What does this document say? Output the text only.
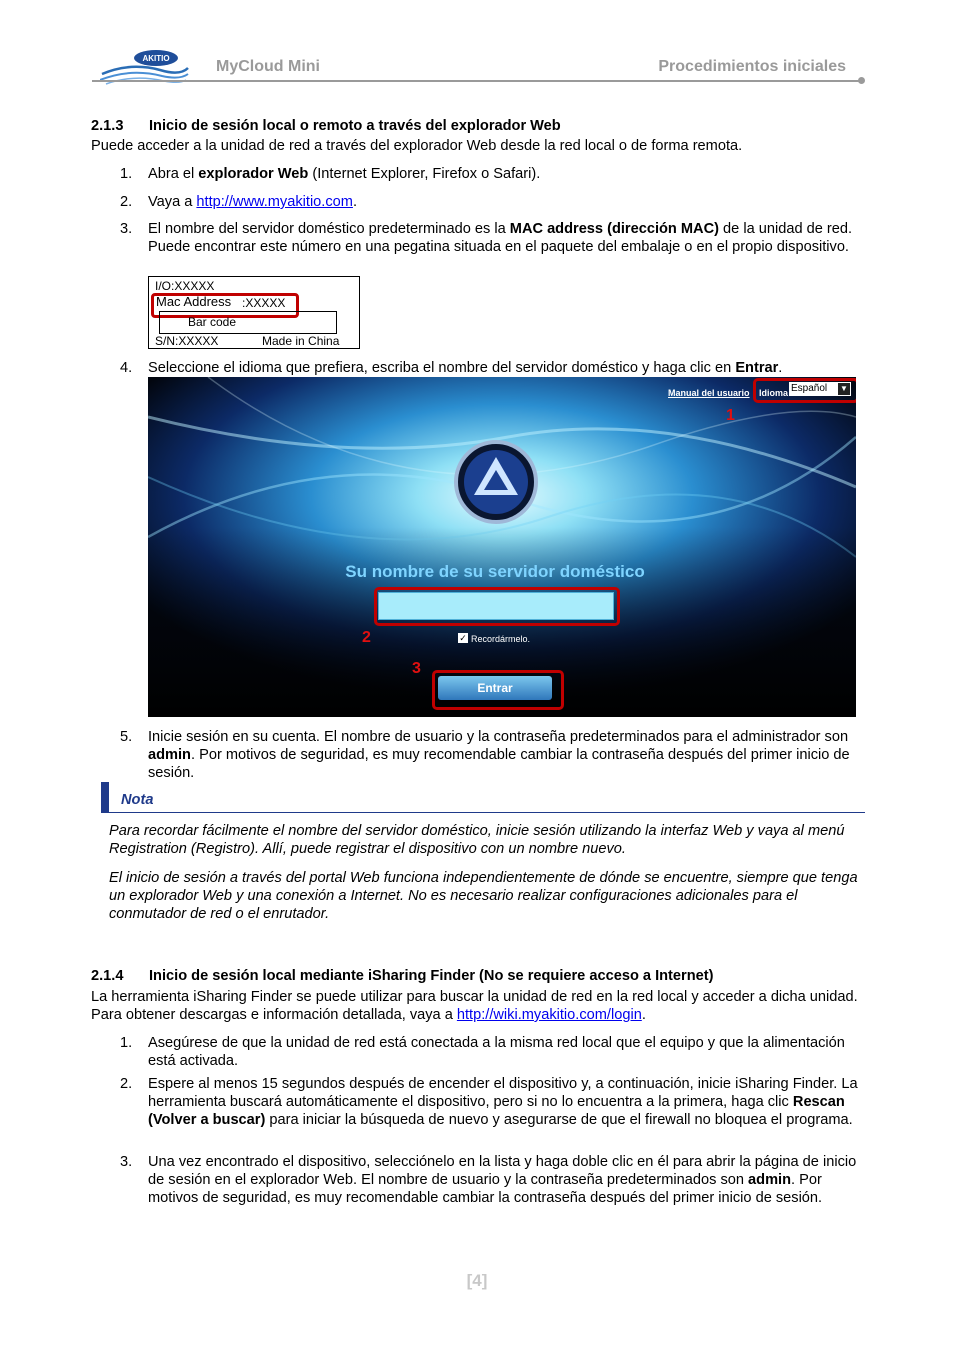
AKITIO	MyCloud Mini	Procedimientos iniciales
2.1.3 Inicio de sesión local o remoto a través del explorador Web

Puede acceder a la unidad de red a través del explorador Web desde la red local o de forma remota.

1. Abra el explorador Web (Internet Explorer, Firefox o Safari).

2. Vaya a http://www.myakitio.com.

3. El nombre del servidor doméstico predeterminado es la MAC address (dirección MAC) de la unidad de red. Puede encontrar este número en una pegatina situada en el paquete del embalaje o en el propio dispositivo.

I/O:XXXXX
Mac Address :XXXXX
Bar code
S/N:XXXXX	Made in China
4. Seleccione el idioma que prefiera, escriba el nombre del servidor doméstico y haga clic en Entrar.

Manual del usuario Idioma Español ▼
1
Su nombre de su servidor doméstico
2	✓ Recordármelo.
3
Entrar
5. Inicie sesión en su cuenta. El nombre de usuario y la contraseña predeterminados para el administrador son admin. Por motivos de seguridad, es muy recomendable cambiar la contraseña después del primer inicio de sesión.

Nota

Para recordar fácilmente el nombre del servidor doméstico, inicie sesión utilizando la interfaz Web y vaya al menú Registration (Registro). Allí, puede registrar el dispositivo con un nombre nuevo.

El inicio de sesión a través del portal Web funciona independientemente de dónde se encuentre, siempre que tenga un explorador Web y una conexión a Internet. No es necesario realizar configuraciones adicionales para el conmutador de red o el enrutador.

2.1.4 Inicio de sesión local mediante iSharing Finder (No se requiere acceso a Internet)

La herramienta iSharing Finder se puede utilizar para buscar la unidad de red en la red local y acceder a dicha unidad. Para obtener descargas e información detallada, vaya a http://wiki.myakitio.com/login.

1. Asegúrese de que la unidad de red está conectada a la misma red local que el equipo y que la alimentación está activada.

2. Espere al menos 15 segundos después de encender el dispositivo y, a continuación, inicie iSharing Finder. La herramienta buscará automáticamente el dispositivo, pero si no lo encuentra a la primera, haga clic Rescan (Volver a buscar) para iniciar la búsqueda de nuevo y asegurarse de que el firewall no bloquea el programa.

3. Una vez encontrado el dispositivo, selecciónelo en la lista y haga doble clic en él para abrir la página de inicio de sesión en el explorador Web. El nombre de usuario y la contraseña predeterminados son admin. Por motivos de seguridad, es muy recomendable cambiar la contraseña después del primer inicio de sesión.

[4]
